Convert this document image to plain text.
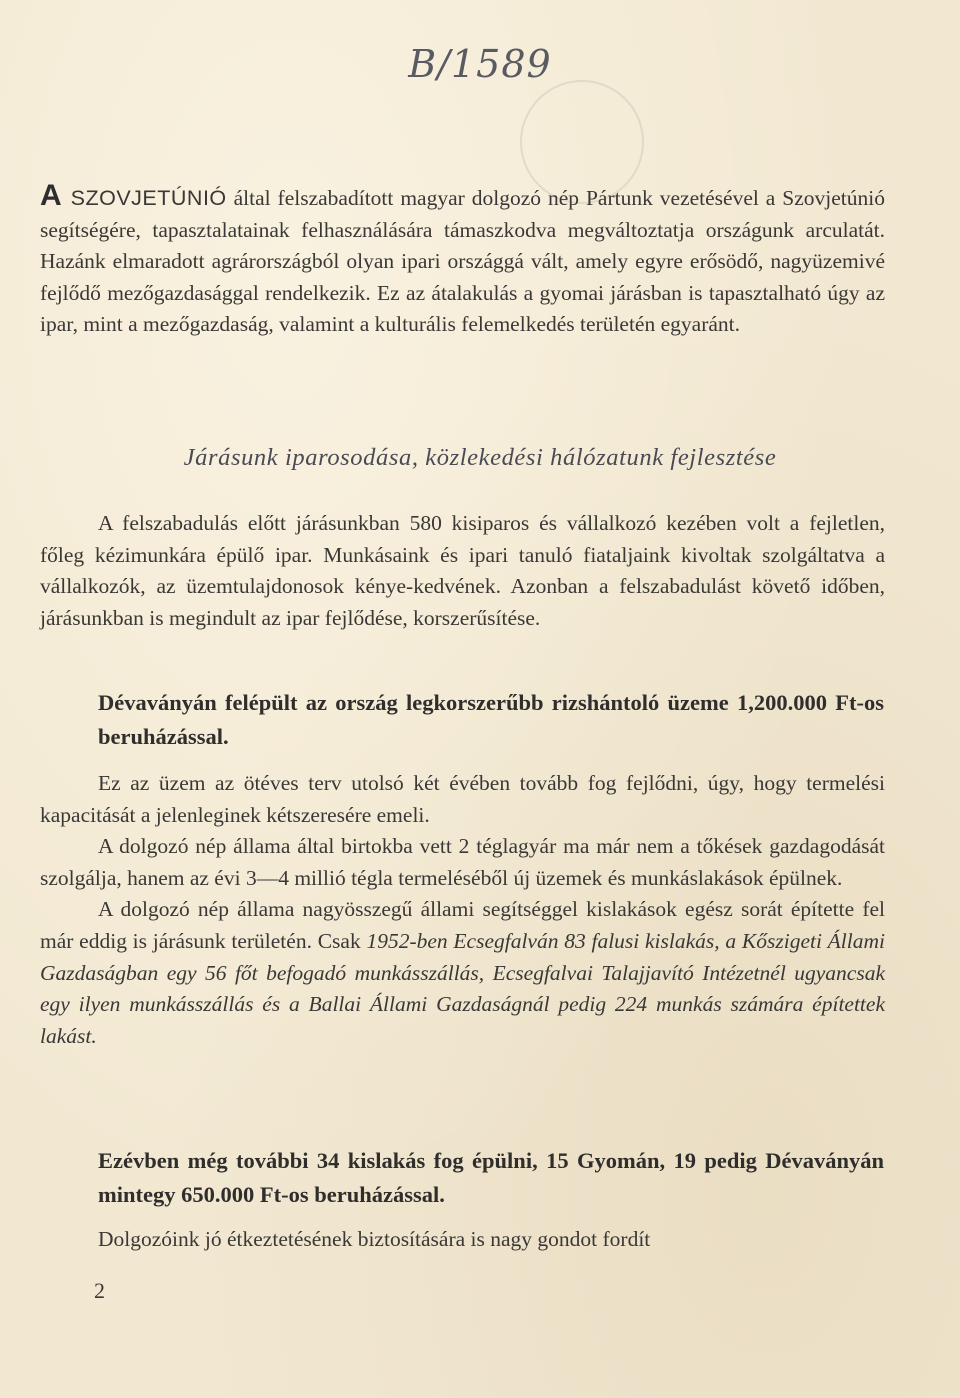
B/1589
A SZOVJETÚNIÓ által felszabadított magyar dolgozó nép Pártunk vezetésével a Szovjetúnió segítségére, tapasztalatainak felhasználására támaszkodva megváltoztatja országunk arculatát. Hazánk elmaradott agrárországból olyan ipari országgá vált, amely egyre erősödő, nagyüzemivé fejlődő mezőgazdasággal rendelkezik. Ez az átalakulás a gyomai járásban is tapasztalható úgy az ipar, mint a mezőgazdaság, valamint a kulturális felemelkedés területén egyaránt.
Járásunk iparosodása, közlekedési hálózatunk fejlesztése
A felszabadulás előtt járásunkban 580 kisiparos és vállalkozó kezében volt a fejletlen, főleg kézimunkára épülő ipar. Munkásaink és ipari tanuló fiataljaink kivoltak szolgáltatva a vállalkozók, az üzemtulajdonosok kénye-kedvének. Azonban a felszabadulást követő időben, járásunkban is megindult az ipar fejlődése, korszerűsítése.
Dévaványán felépült az ország legkorszerűbb rizshántoló üzeme 1,200.000 Ft-os beruházással.

Ez az üzem az ötéves terv utolsó két évében tovább fog fejlődni, úgy, hogy termelési kapacitását a jelenleginek kétszeresére emeli.

A dolgozó nép állama által birtokba vett 2 téglagyár ma már nem a tőkések gazdagodását szolgálja, hanem az évi 3—4 millió tégla termeléséből új üzemek és munkáslakások épülnek.

A dolgozó nép állama nagyösszegű állami segítséggel kislakások egész sorát építette fel már eddig is járásunk területén. Csak 1952-ben Ecsegfalván 83 falusi kislakás, a Kőszigeti Állami Gazdaságban egy 56 főt befogadó munkásszállás, Ecsegfalvai Talajjavító Intézetnél ugyancsak egy ilyen munkásszállás és a Ballai Állami Gazdaságnál pedig 224 munkás számára építettek lakást.

Ezévben még további 34 kislakás fog épülni, 15 Gyomán, 19 pedig Dévaványán mintegy 650.000 Ft-os beruházással.
Dolgozóink jó étkeztetésének biztosítására is nagy gondot fordít
2
